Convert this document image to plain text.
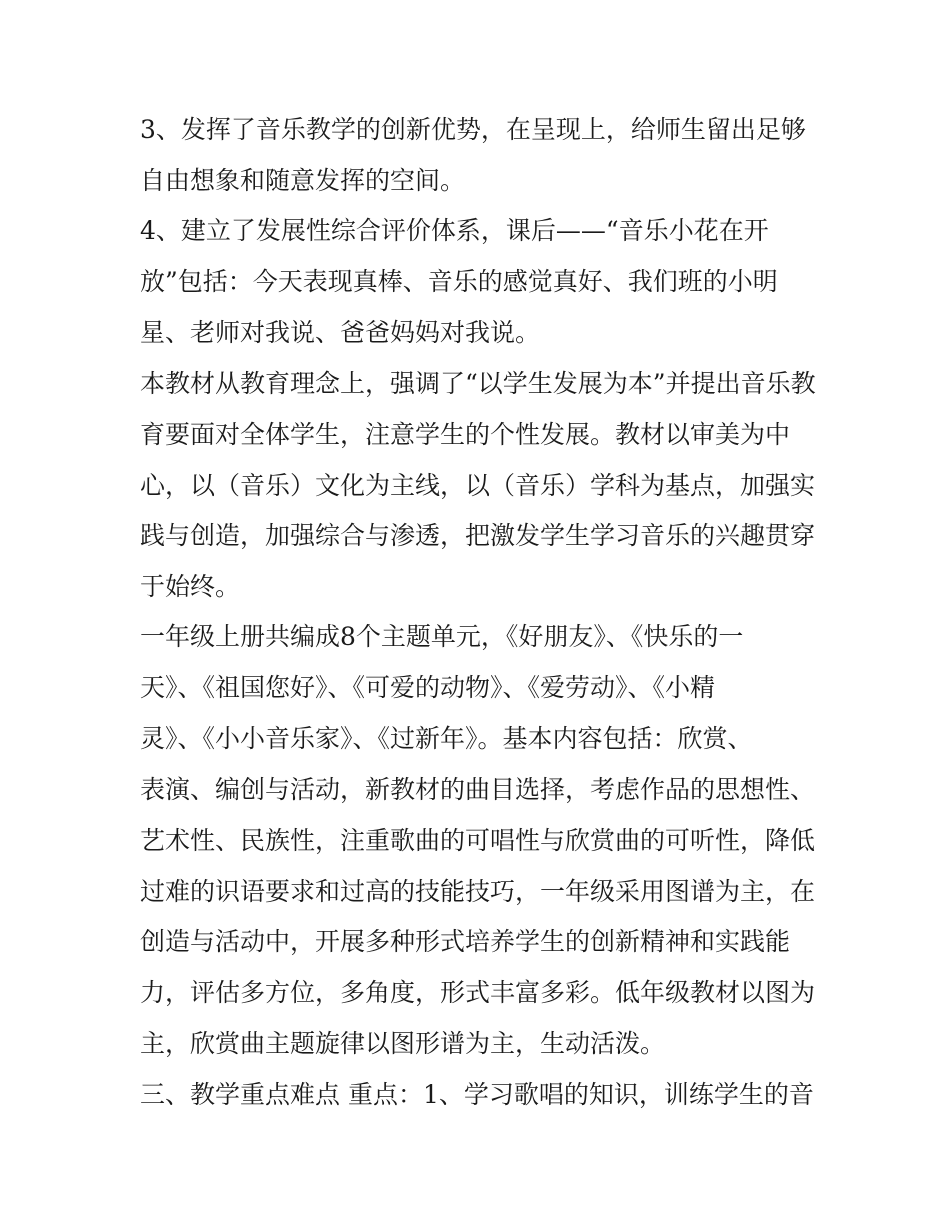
3、发挥了音乐教学的创新优势，在呈现上，给师生留出足够
自由想象和随意发挥的空间。
4、建立了发展性综合评价体系，课后——“音乐小花在开
放”包括：今天表现真棒、音乐的感觉真好、我们班的小明
星、老师对我说、爸爸妈妈对我说。
本教材从教育理念上，强调了“以学生发展为本”并提出音乐教
育要面对全体学生，注意学生的个性发展。教材以审美为中
心，以（音乐）文化为主线，以（音乐）学科为基点，加强实
践与创造，加强综合与渗透，把激发学生学习音乐的兴趣贯穿
于始终。
一年级上册共编成8个主题单元，《好朋友》、《快乐的一
天》、《祖国您好》、《可爱的动物》、《爱劳动》、《小精
灵》、《小小音乐家》、《过新年》。基本内容包括：欣赏、
表演、编创与活动，新教材的曲目选择，考虑作品的思想性、
艺术性、民族性，注重歌曲的可唱性与欣赏曲的可听性，降低
过难的识语要求和过高的技能技巧，一年级采用图谱为主，在
创造与活动中，开展多种形式培养学生的创新精神和实践能
力，评估多方位，多角度，形式丰富多彩。低年级教材以图为
主，欣赏曲主题旋律以图形谱为主，生动活泼。
三、教学重点难点 重点：1、学习歌唱的知识，训练学生的音
